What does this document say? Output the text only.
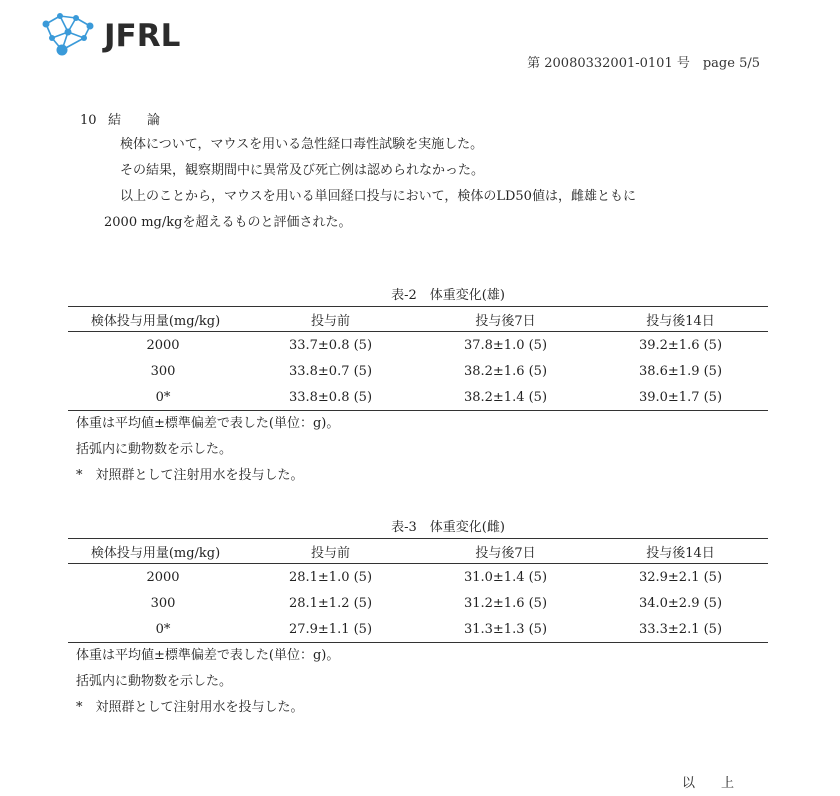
JFRL
第 20080332001-0101 号　page 5/5
10 結　　論
検体について，マウスを用いる急性経口毒性試験を実施した。
その結果，観察期間中に異常及び死亡例は認められなかった。
以上のことから，マウスを用いる単回経口投与において，検体のLD50値は，雌雄ともに
2000 mg/kgを超えるものと評価された。
表-2　体重変化(雄)
検体投与用量(mg/kg)	投与前	投与後7日	投与後14日
2000	33.7±0.8 (5)	37.8±1.0 (5)	39.2±1.6 (5)
300	33.8±0.7 (5)	38.2±1.6 (5)	38.6±1.9 (5)
0*	33.8±0.8 (5)	38.2±1.4 (5)	39.0±1.7 (5)
体重は平均値±標準偏差で表した(単位：g)。
括弧内に動物数を示した。
*　対照群として注射用水を投与した。
表-3　体重変化(雌)
検体投与用量(mg/kg)	投与前	投与後7日	投与後14日
2000	28.1±1.0 (5)	31.0±1.4 (5)	32.9±2.1 (5)
300	28.1±1.2 (5)	31.2±1.6 (5)	34.0±2.9 (5)
0*	27.9±1.1 (5)	31.3±1.3 (5)	33.3±2.1 (5)
体重は平均値±標準偏差で表した(単位：g)。
括弧内に動物数を示した。
*　対照群として注射用水を投与した。
以上
